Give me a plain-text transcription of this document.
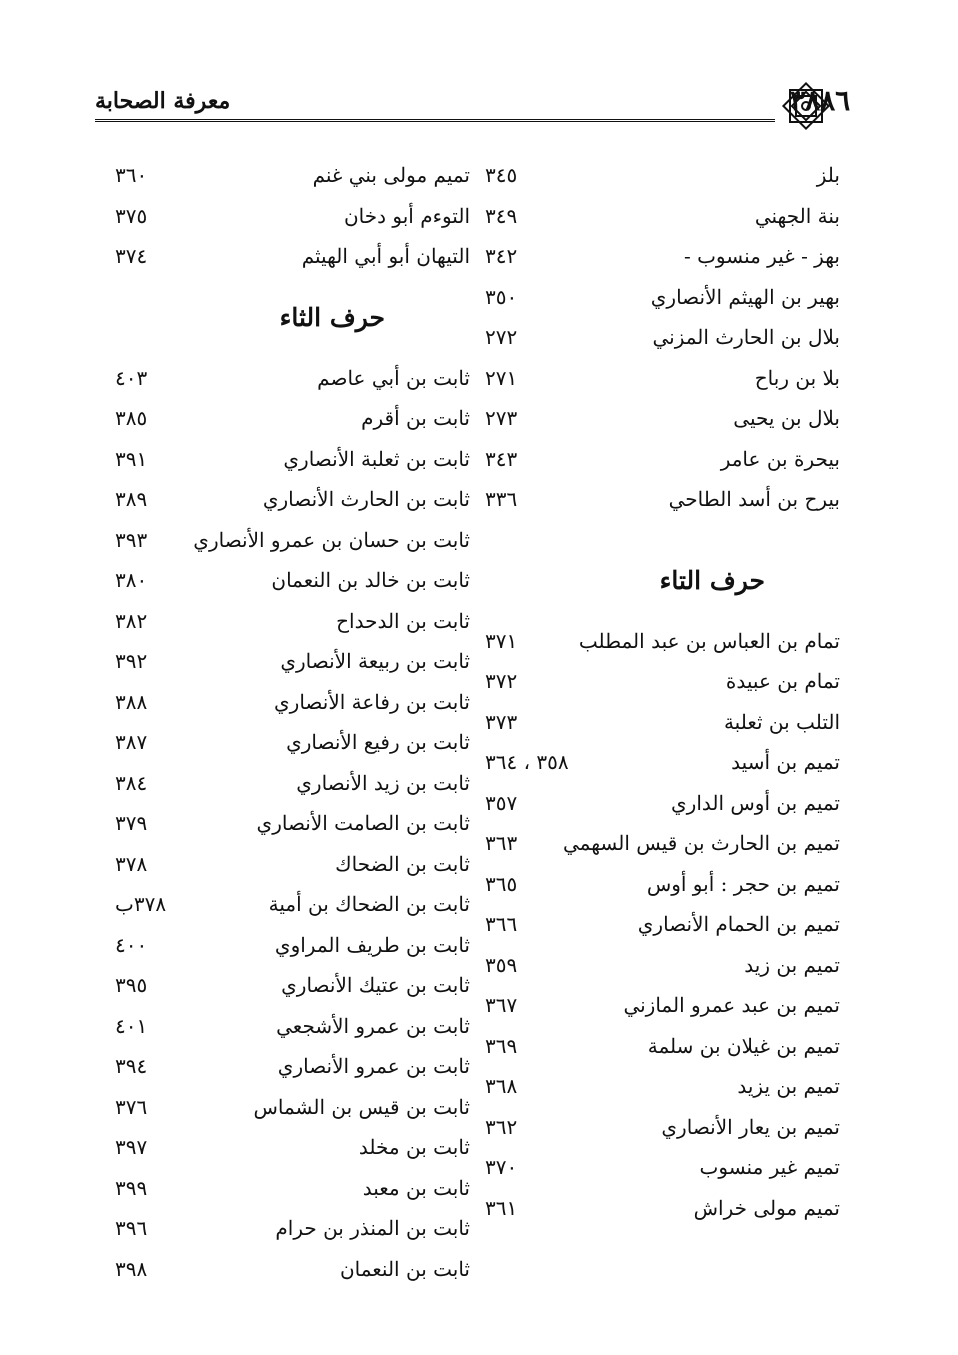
معرفة الصحابة	٣٨٨٦
بلز
٣٤٥
بنة الجهني
٣٤٩
بهز - غير منسوب -
٣٤٢
بهير بن الهيثم الأنصاري
٣٥٠
بلال بن الحارث المزني
٢٧٢
بلا بن رباح
٢٧١
بلال بن يحيى
٢٧٣
بيحرة بن عامر
٣٤٣
بيرح بن أسد الطاحي
٣٣٦
حرف التاء
تمام بن العباس بن عبد المطلب
٣٧١
تمام بن عبيدة
٣٧٢
التلب بن ثعلبة
٣٧٣
تميم بن أسيد
٣٥٨ ، ٣٦٤
تميم بن أوس الداري
٣٥٧
تميم بن الحارث بن قيس السهمي
٣٦٣
تميم بن حجر : أبو أوس
٣٦٥
تميم بن الحمام الأنصاري
٣٦٦
تميم بن زيد
٣٥٩
تميم بن عبد عمرو المازني
٣٦٧
تميم بن غيلان بن سلمة
٣٦٩
تميم بن يزيد
٣٦٨
تميم بن يعار الأنصاري
٣٦٢
تميم غير منسوب
٣٧٠
تميم مولى خراش
٣٦١
تميم مولى بني غنم
٣٦٠
التوءم أبو دخان
٣٧٥
التيهان أبو أبي الهيثم
٣٧٤
حرف الثاء
ثابت بن أبي عاصم
٤٠٣
ثابت بن أقرم
٣٨٥
ثابت بن ثعلبة الأنصاري
٣٩١
ثابت بن الحارث الأنصاري
٣٨٩
ثابت بن حسان بن عمرو الأنصاري
٣٩٣
ثابت بن خالد بن النعمان
٣٨٠
ثابت بن الدحداح
٣٨٢
ثابت بن ربيعة الأنصاري
٣٩٢
ثابت بن رفاعة الأنصاري
٣٨٨
ثابت بن رفيع الأنصاري
٣٨٧
ثابت بن زيد الأنصاري
٣٨٤
ثابت بن الصامت الأنصاري
٣٧٩
ثابت بن الضحاك
٣٧٨
ثابت بن الضحاك بن أمية
٣٧٨ب
ثابت بن طريف المراوي
٤٠٠
ثابت بن عتيك الأنصاري
٣٩٥
ثابت بن عمرو الأشجعي
٤٠١
ثابت بن عمرو الأنصاري
٣٩٤
ثابت بن قيس بن الشماس
٣٧٦
ثابت بن مخلد
٣٩٧
ثابت بن معبد
٣٩٩
ثابت بن المنذر بن حرام
٣٩٦
ثابت بن النعمان
٣٩٨
